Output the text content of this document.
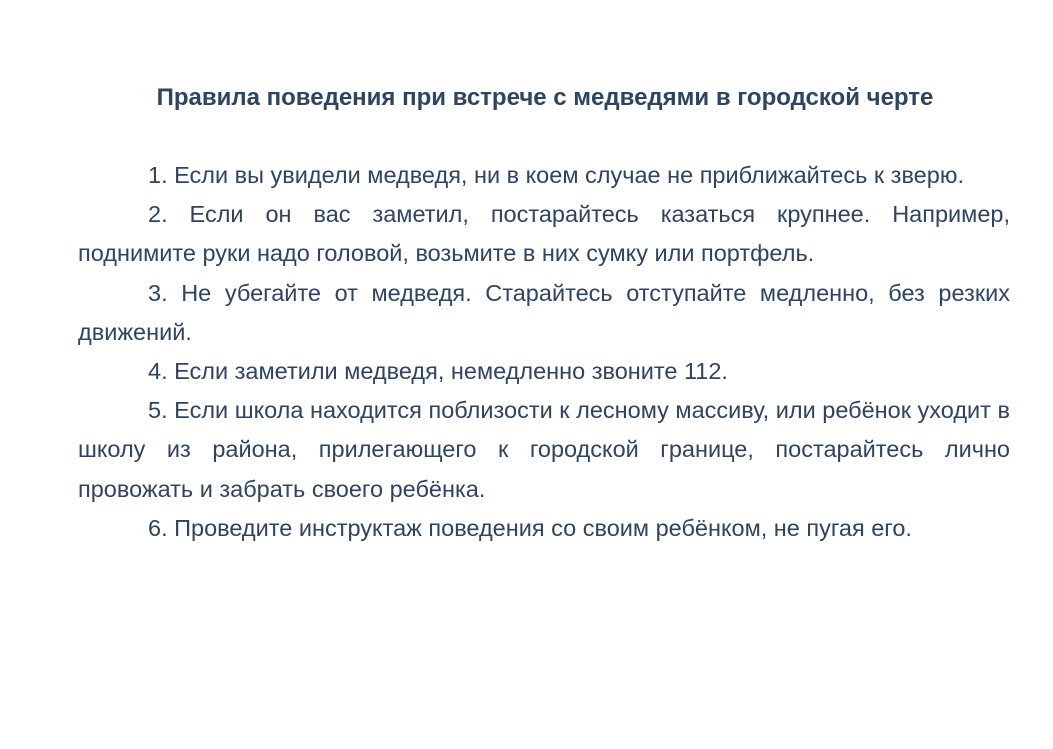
Правила поведения при встрече с медведями в городской черте
1. Если вы увидели медведя, ни в коем случае не приближайтесь к зверю.
2. Если он вас заметил, постарайтесь казаться крупнее. Например, поднимите руки надо головой, возьмите в них сумку или портфель.
3. Не убегайте от медведя. Старайтесь отступайте медленно, без резких движений.
4. Если заметили медведя, немедленно звоните 112.
5. Если школа находится поблизости к лесному массиву, или ребёнок уходит в школу из района, прилегающего к городской границе, постарайтесь лично провожать и забрать своего ребёнка.
6. Проведите инструктаж поведения со своим ребёнком, не пугая его.
